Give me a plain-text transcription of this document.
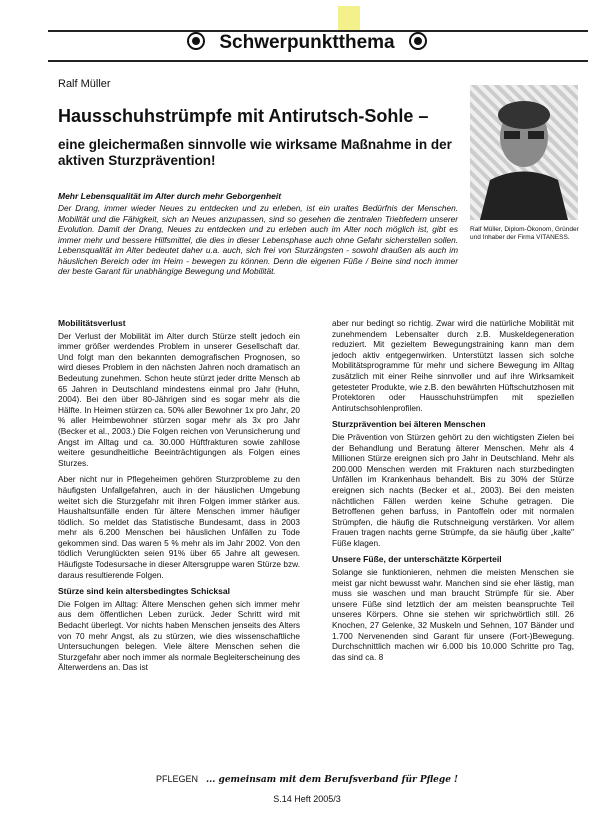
Schwerpunktthema
Ralf Müller
Hausschuhstrümpfe mit Antirutsch-Sohle –
eine gleichermaßen sinnvolle wie wirksame Maßnahme in der aktiven Sturzprävention!
Ralf Müller, Diplom-Ökonom, Gründer und Inhaber der Firma VITANESS.
Mehr Lebensqualität im Alter durch mehr Geborgenheit
Der Drang, immer wieder Neues zu entdecken und zu erleben, ist ein uraltes Bedürfnis der Menschen. Mobilität und die Fähigkeit, sich an Neues anzupassen, sind so gesehen die zentralen Triebfedern unserer Evolution. Damit der Drang, Neues zu entdecken und zu erleben auch im Alter noch möglich ist, gibt es immer mehr und bessere Hilfsmittel, die dies in dieser Lebensphase auch ohne Gefahr sicherstellen sollen. Lebensqualität im Alter bedeutet daher u.a. auch, sich frei von Sturzängsten - sowohl draußen als auch im häuslichen Bereich oder im Heim - bewegen zu können. Denn die eigenen Füße / Beine sind noch immer der beste Garant für unabhängige Bewegung und Mobilität.
Mobilitätsverlust

Der Verlust der Mobilität im Alter durch Stürze stellt jedoch ein immer größer werdendes Problem in unserer Gesellschaft dar. Und folgt man den bekannten demografischen Prognosen, so wird dieses Problem in den nächsten Jahren noch dramatisch an Bedeutung zunehmen. Schon heute stürzt jeder dritte Mensch ab 65 Jahren in Deutschland mindestens einmal pro Jahr (Huhn, 2004). Bei den über 80-Jährigen sind es sogar mehr als die Hälfte. In Heimen stürzen ca. 50% aller Bewohner 1x pro Jahr, 20 % aller Heimbewohner stürzen sogar mehr als 3x pro Jahr (Becker et al., 2003.) Die Folgen reichen von Verunsicherung und Angst im Alltag und ca. 30.000 Hüftfrakturen sowie zahllose weitere gesundheitliche Beeinträchtigungen als Folgen eines Sturzes.

Aber nicht nur in Pflegeheimen gehören Sturzprobleme zu den häufigsten Unfallgefahren, auch in der häuslichen Umgebung weitet sich die Sturzgefahr mit ihren Folgen immer stärker aus. Haushaltsunfälle enden für ältere Menschen immer häufiger tödlich. So meldet das Statistische Bundesamt, dass in 2003 mehr als 6.200 Menschen bei häuslichen Unfällen zu Tode gekommen sind. Das waren 5 % mehr als im Jahr 2002. Von den tödlich Verunglückten seien 91% über 65 Jahre alt gewesen. Häufigste Todesursache in dieser Altersgruppe waren Stürze bzw. daraus resultierende Folgen.

Stürze sind kein altersbedingtes Schicksal

Die Folgen im Alltag: Ältere Menschen gehen sich immer mehr aus dem öffentlichen Leben zurück. Jeder Schritt wird mit Bedacht überlegt. Vor nichts haben Menschen jenseits des Alters von 70 mehr Angst, als zu stürzen, wie dies wissenschaftliche Untersuchungen belegen. Viele ältere Menschen sehen die Sturzgefahr aber noch immer als normale Begleiterscheinung des Älterwerdens an. Das ist

aber nur bedingt so richtig. Zwar wird die natürliche Mobilität mit zunehmendem Lebensalter durch z.B. Muskeldegeneration reduziert. Mit gezieltem Bewegungstraining kann man dem jedoch aktiv entgegenwirken. Unterstützt lassen sich solche Mobilitätsprogramme für mehr und sichere Bewegung im Alltag zusätzlich mit einer Reihe sinnvoller und auf ihre Wirksamkeit getesteter Produkte, wie z.B. den bewährten Hüftschutzhosen mit Protektoren oder Hausschuhstrümpfen mit speziellen Antirutschsohlenprofilen.

Sturzprävention bei älteren Menschen

Die Prävention von Stürzen gehört zu den wichtigsten Zielen bei der Behandlung und Beratung älterer Menschen. Mehr als 4 Millionen Stürze ereignen sich pro Jahr in Deutschland. Mehr als 200.000 Menschen werden mit Frakturen nach sturzbedingten Unfällen im Krankenhaus behandelt. Bis zu 30% der Stürze ereignen sich nachts (Becker et al., 2003). Bei den meisten nächtlichen Fällen werden keine Schuhe getragen. Die Betroffenen gehen barfuss, in Pantoffeln oder mit normalen Strümpfen, die häufig die Rutschneigung verstärken. Vor allem Frauen tragen nachts gerne Strümpfe, da sie häufig über „kalte" Füße klagen.

Unsere Füße, der unterschätzte Körperteil

Solange sie funktionieren, nehmen die meisten Menschen sie meist gar nicht bewusst wahr. Manchen sind sie eher lästig, man muss sie waschen und man braucht Strümpfe für sie. Aber unsere Füße sind letztlich der am meisten beanspruchte Teil unseres Körpers. Ohne sie stehen wir sprichwörtlich still. 26 Knochen, 27 Gelenke, 32 Muskeln und Sehnen, 107 Bänder und 1.700 Nervenenden sind Garant für unsere (Fort-)Bewegung. Durchschnittlich machen wir 6.000 bis 10.000 Schritte pro Tag, das sind ca. 8

PFLEGEN ... gemeinsam mit dem Berufsverband für Pflege !
S.14 Heft 2005/3
